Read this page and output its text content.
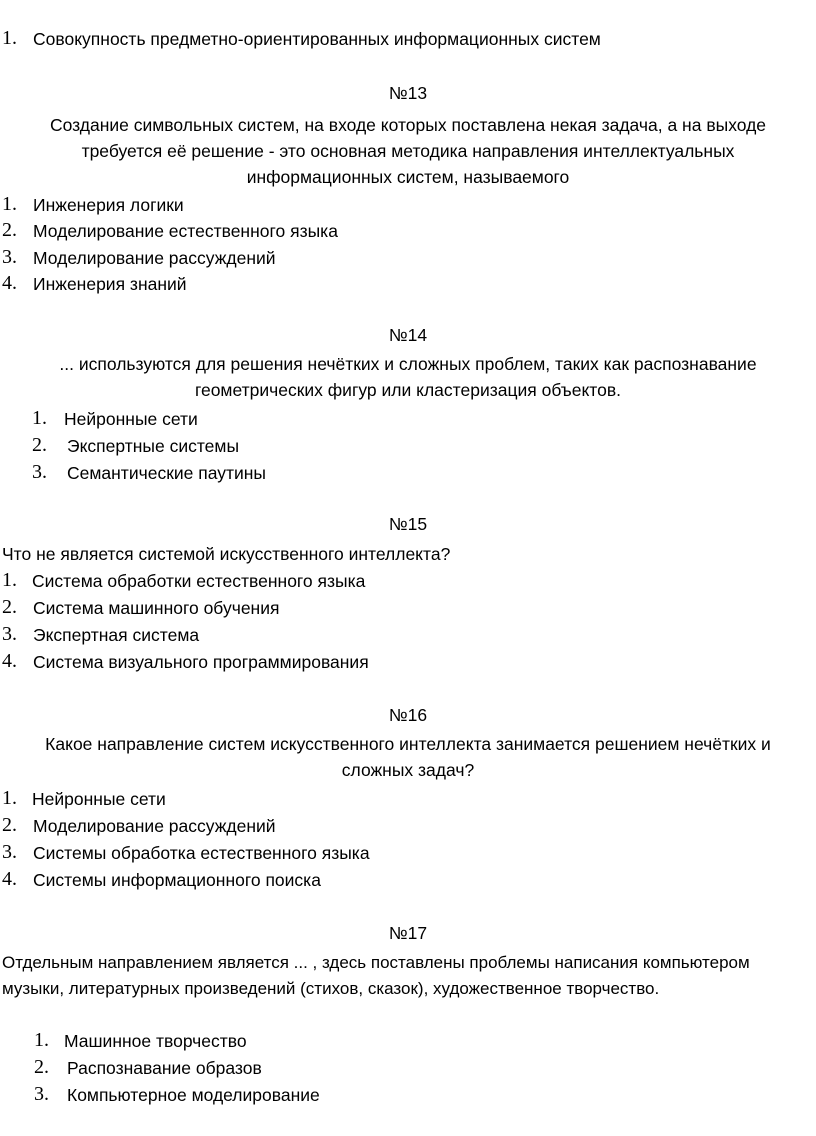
1. Совокупность предметно-ориентированных информационных систем
№13
Создание символьных систем, на входе которых поставлена некая задача, а на выходе
требуется её решение - это основная методика направления интеллектуальных
информационных систем, называемого
1. Инженерия логики
2. Моделирование естественного языка
3. Моделирование рассуждений
4. Инженерия знаний
№14
... используются для решения нечётких и сложных проблем, таких как распознавание
геометрических фигур или кластеризация объектов.
1. Нейронные сети
2. Экспертные системы
3. Семантические паутины
№15
Что не является системой искусственного интеллекта?
1. Система обработки естественного языка
2. Система машинного обучения
3. Экспертная система
4. Система визуального программирования
№16
Какое направление систем искусственного интеллекта занимается решением нечётких и
сложных задач?
1. Нейронные сети
2. Моделирование рассуждений
3. Системы обработка естественного языка
4. Системы информационного поиска
№17
Отдельным направлением является ... , здесь поставлены проблемы написания компьютером
музыки, литературных произведений (стихов, сказок), художественное творчество.
1. Машинное творчество
2. Распознавание образов
3. Компьютерное моделирование
